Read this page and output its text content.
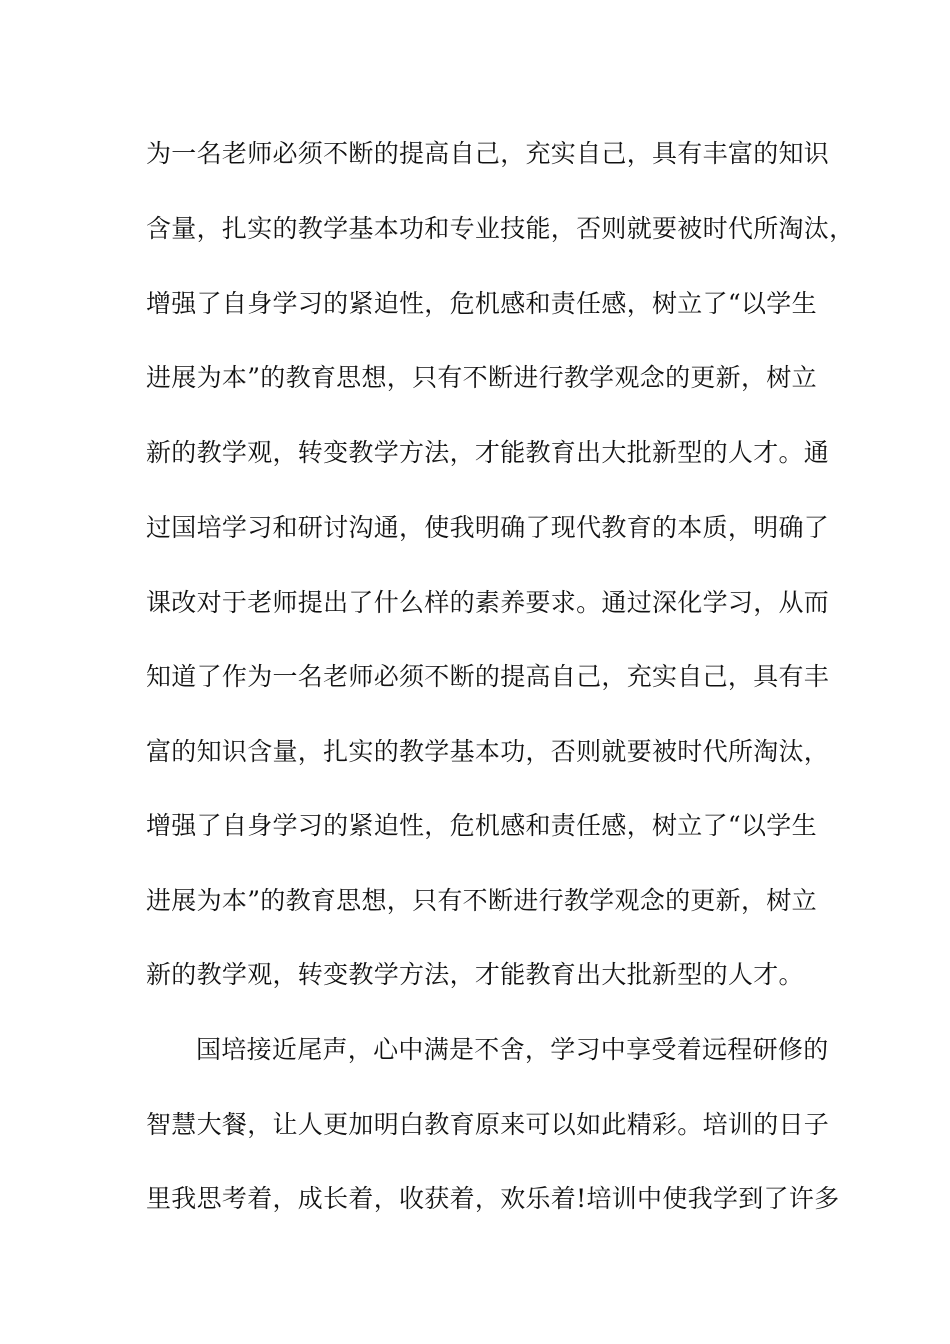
为一名老师必须不断的提高自己，充实自己，具有丰富的知识
含量，扎实的教学基本功和专业技能，否则就要被时代所淘汰，
增强了自身学习的紧迫性，危机感和责任感，树立了“以学生
进展为本”的教育思想，只有不断进行教学观念的更新，树立
新的教学观，转变教学方法，才能教育出大批新型的人才。通
过国培学习和研讨沟通，使我明确了现代教育的本质，明确了
课改对于老师提出了什么样的素养要求。通过深化学习，从而
知道了作为一名老师必须不断的提高自己，充实自己，具有丰
富的知识含量，扎实的教学基本功，否则就要被时代所淘汰，
增强了自身学习的紧迫性，危机感和责任感，树立了“以学生
进展为本”的教育思想，只有不断进行教学观念的更新，树立
新的教学观，转变教学方法，才能教育出大批新型的人才。
国培接近尾声，心中满是不舍，学习中享受着远程研修的
智慧大餐，让人更加明白教育原来可以如此精彩。培训的日子
里我思考着，成长着，收获着，欢乐着!培训中使我学到了许多
